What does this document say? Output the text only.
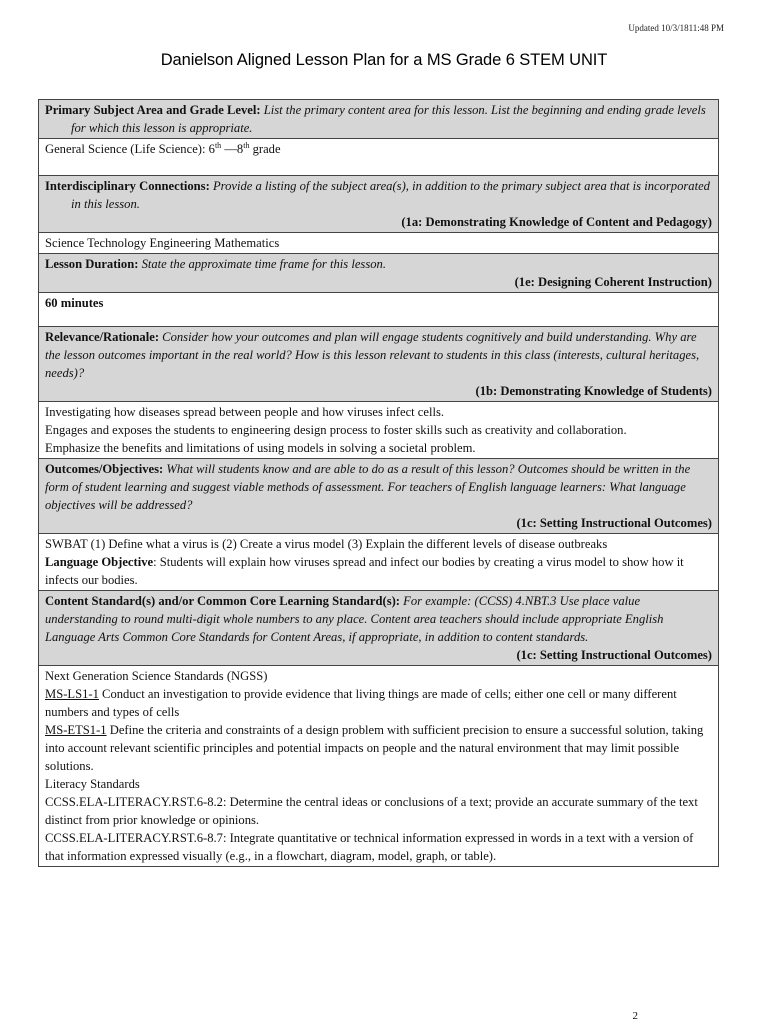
Updated 10/3/1811:48 PM
Danielson Aligned Lesson Plan for a MS Grade 6 STEM UNIT
Primary Subject Area and Grade Level: List the primary content area for this lesson. List the beginning and ending grade levels for which this lesson is appropriate.

General Science (Life Science): 6th —8th grade

Interdisciplinary Connections: Provide a listing of the subject area(s), in addition to the primary subject area that is incorporated in this lesson.
(1a: Demonstrating Knowledge of Content and Pedagogy)

Science Technology Engineering Mathematics

Lesson Duration: State the approximate time frame for this lesson.
(1e: Designing Coherent Instruction)

60 minutes

Relevance/Rationale: Consider how your outcomes and plan will engage students cognitively and build understanding. Why are the lesson outcomes important in the real world? How is this lesson relevant to students in this class (interests, cultural heritages, needs)?
(1b: Demonstrating Knowledge of Students)

Investigating how diseases spread between people and how viruses infect cells.
Engages and exposes the students to engineering design process to foster skills such as creativity and collaboration.
Emphasize the benefits and limitations of using models in solving a societal problem.

Outcomes/Objectives: What will students know and are able to do as a result of this lesson? Outcomes should be written in the form of student learning and suggest viable methods of assessment. For teachers of English language learners: What language objectives will be addressed?
(1c: Setting Instructional Outcomes)

SWBAT (1) Define what a virus is (2) Create a virus model (3) Explain the different levels of disease outbreaks
Language Objective: Students will explain how viruses spread and infect our bodies by creating a virus model to show how it infects our bodies.

Content Standard(s) and/or Common Core Learning Standard(s): For example: (CCSS) 4.NBT.3 Use place value understanding to round multi-digit whole numbers to any place. Content area teachers should include appropriate English Language Arts Common Core Standards for Content Areas, if appropriate, in addition to content standards.
(1c: Setting Instructional Outcomes)

Next Generation Science Standards (NGSS)
MS-LS1-1 Conduct an investigation to provide evidence that living things are made of cells; either one cell or many different numbers and types of cells
MS-ETS1-1 Define the criteria and constraints of a design problem with sufficient precision to ensure a successful solution, taking into account relevant scientific principles and potential impacts on people and the natural environment that may limit possible solutions.
Literacy Standards
CCSS.ELA-LITERACY.RST.6-8.2: Determine the central ideas or conclusions of a text; provide an accurate summary of the text distinct from prior knowledge or opinions.
CCSS.ELA-LITERACY.RST.6-8.7: Integrate quantitative or technical information expressed in words in a text with a version of that information expressed visually (e.g., in a flowchart, diagram, model, graph, or table).
2
